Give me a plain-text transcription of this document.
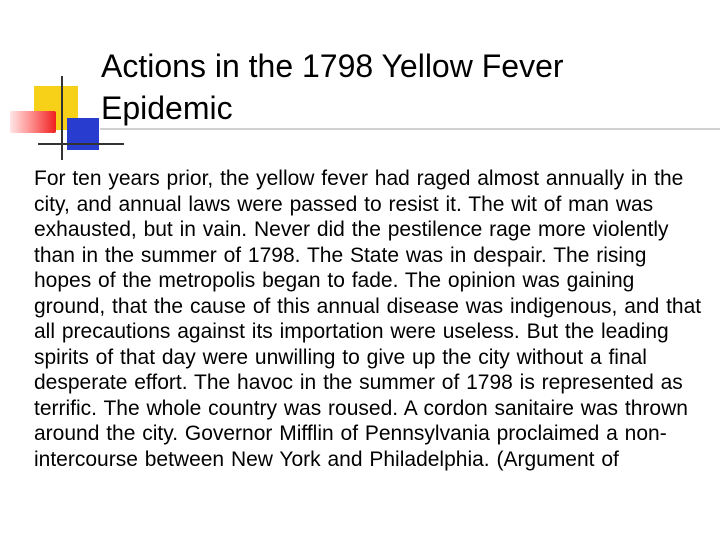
Actions in the 1798 Yellow Fever Epidemic

For ten years prior, the yellow fever had raged almost annually in the city, and annual laws were passed to resist it. The wit of man was exhausted, but in vain. Never did the pestilence rage more violently than in the summer of 1798. The State was in despair. The rising hopes of the metropolis began to fade. The opinion was gaining ground, that the cause of this annual disease was indigenous, and that all precautions against its importation were useless. But the leading spirits of that day were unwilling to give up the city without a final desperate effort. The havoc in the summer of 1798 is represented as terrific. The whole country was roused. A cordon sanitaire was thrown around the city. Governor Mifflin of Pennsylvania proclaimed a non-intercourse between New York and Philadelphia. (Argument of
